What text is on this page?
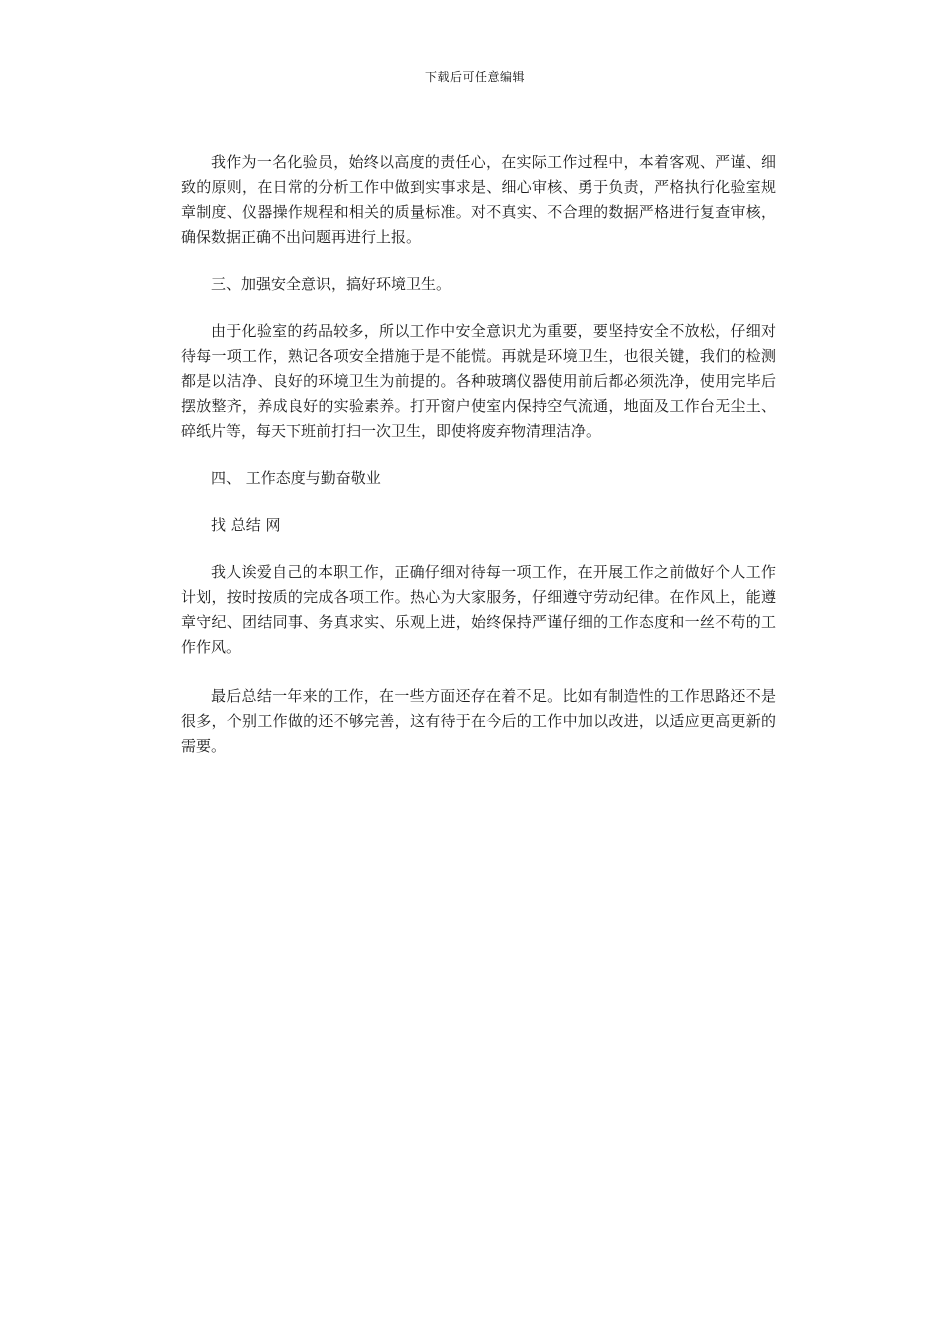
下载后可任意编辑

我作为一名化验员，始终以高度的责任心，在实际工作过程中，本着客观、严谨、细致的原则，在日常的分析工作中做到实事求是、细心审核、勇于负责，严格执行化验室规章制度、仪器操作规程和相关的质量标准。对不真实、不合理的数据严格进行复查审核，确保数据正确不出问题再进行上报。

三、加强安全意识，搞好环境卫生。

由于化验室的药品较多，所以工作中安全意识尤为重要，要坚持安全不放松，仔细对待每一项工作，熟记各项安全措施于是不能慌。再就是环境卫生，也很关键，我们的检测都是以洁净、良好的环境卫生为前提的。各种玻璃仪器使用前后都必须洗净，使用完毕后摆放整齐，养成良好的实验素养。打开窗户使室内保持空气流通，地面及工作台无尘土、碎纸片等，每天下班前打扫一次卫生，即使将废弃物清理洁净。

四、 工作态度与勤奋敬业

找 总结 网

我人诶爱自己的本职工作，正确仔细对待每一项工作，在开展工作之前做好个人工作计划，按时按质的完成各项工作。热心为大家服务，仔细遵守劳动纪律。在作风上，能遵章守纪、团结同事、务真求实、乐观上进，始终保持严谨仔细的工作态度和一丝不苟的工作作风。

最后总结一年来的工作，在一些方面还存在着不足。比如有制造性的工作思路还不是很多，个别工作做的还不够完善，这有待于在今后的工作中加以改进，以适应更高更新的需要。
